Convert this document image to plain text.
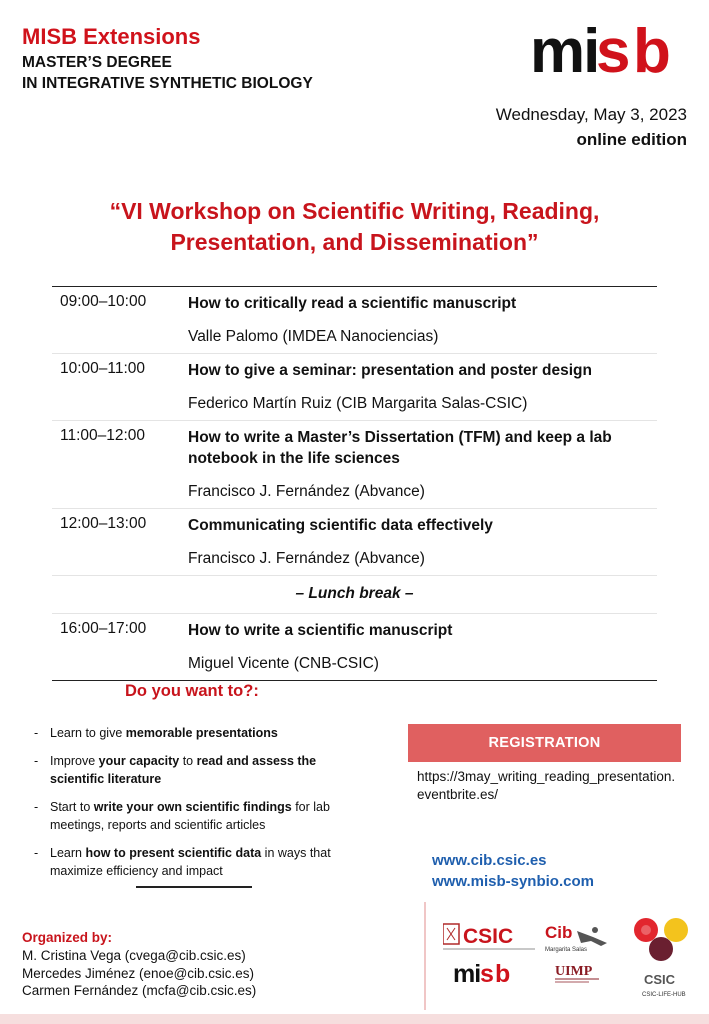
MISB Extensions
MASTER’S DEGREE
IN INTEGRATIVE SYNTHETIC BIOLOGY	mi
s b
Wednesday, May 3, 2023
online edition
“VI Workshop on Scientific Writing, Reading,
Presentation, and Dissemination”
09:00–10:00	How to critically read a scientific manuscript
Valle Palomo (IMDEA Nanociencias)
10:00–11:00	How to give a seminar: presentation and poster design
Federico Martín Ruiz (CIB Margarita Salas-CSIC)
11:00–12:00	How to write a Master’s Dissertation (TFM) and keep a lab notebook in the life sciences
Francisco J. Fernández (Abvance)
12:00–13:00	Communicating scientific data effectively
Francisco J. Fernández (Abvance)
– Lunch break –
16:00–17:00	How to write a scientific manuscript
Miguel Vicente (CNB-CSIC)
Do you want to?:
- Learn to give memorable presentations
- Improve your capacity to read and assess the scientific literature
- Start to write your own scientific findings for lab meetings, reports and scientific articles
- Learn how to present scientific data in ways that maximize efficiency and impact
REGISTRATION
https://3may_writing_reading_presentation.eventbrite.es/
www.cib.csic.es
www.misb-synbio.com
Organized by:
M. Cristina Vega (cvega@cib.csic.es)
Mercedes Jiménez (enoe@cib.csic.es)
Carmen Fernández (mcfa@cib.csic.es)
CSIC Cib
Margarita Salas
mi s b	UIMP
CSIC
CSIC-LIFE-HUB
